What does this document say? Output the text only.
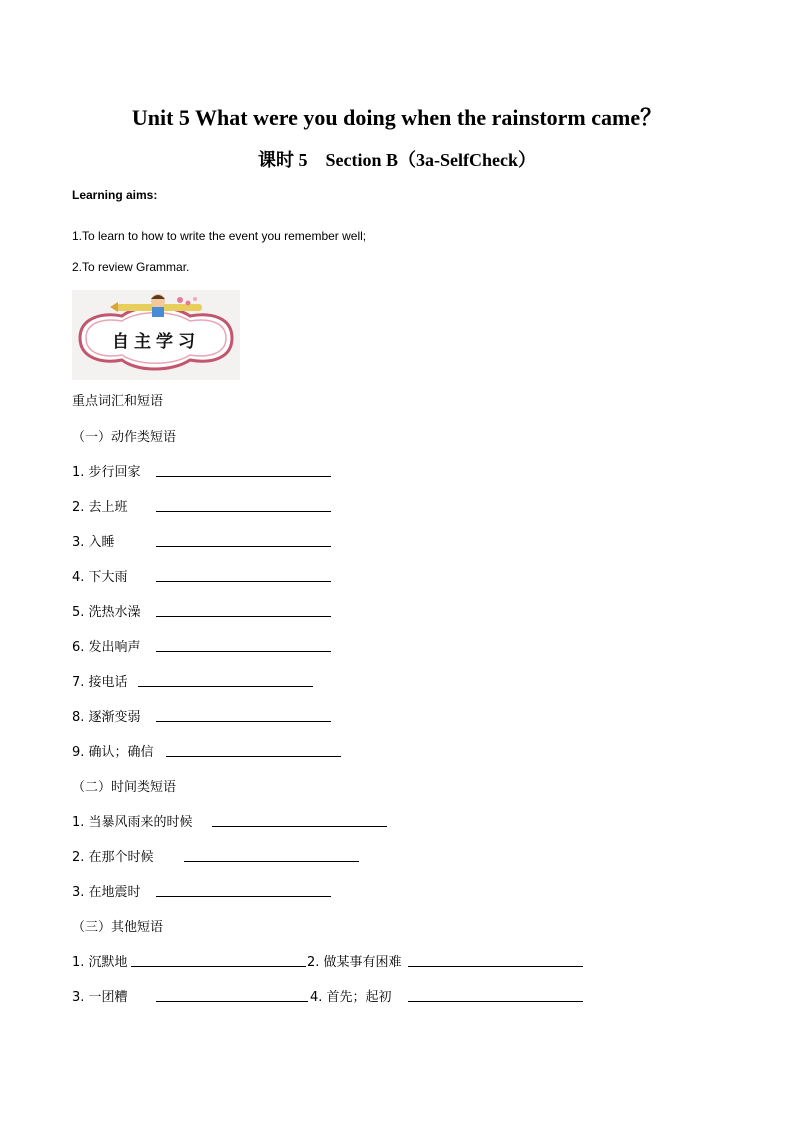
Unit 5 What were you doing when the rainstorm came？
课时 5　Section B（3a-SelfCheck）
Learning aims:
1.To learn to how to write the event you remember well;
2.To review Grammar.
自主学习
重点词汇和短语
（一）动作类短语
1. 步行回家
2. 去上班
3. 入睡
4. 下大雨
5. 洗热水澡
6. 发出响声
7. 接电话
8. 逐渐变弱
9. 确认；确信
（二）时间类短语
1. 当暴风雨来的时候
2. 在那个时候
3. 在地震时
（三）其他短语
1. 沉默地	2. 做某事有困难
3. 一团糟	4. 首先；起初
